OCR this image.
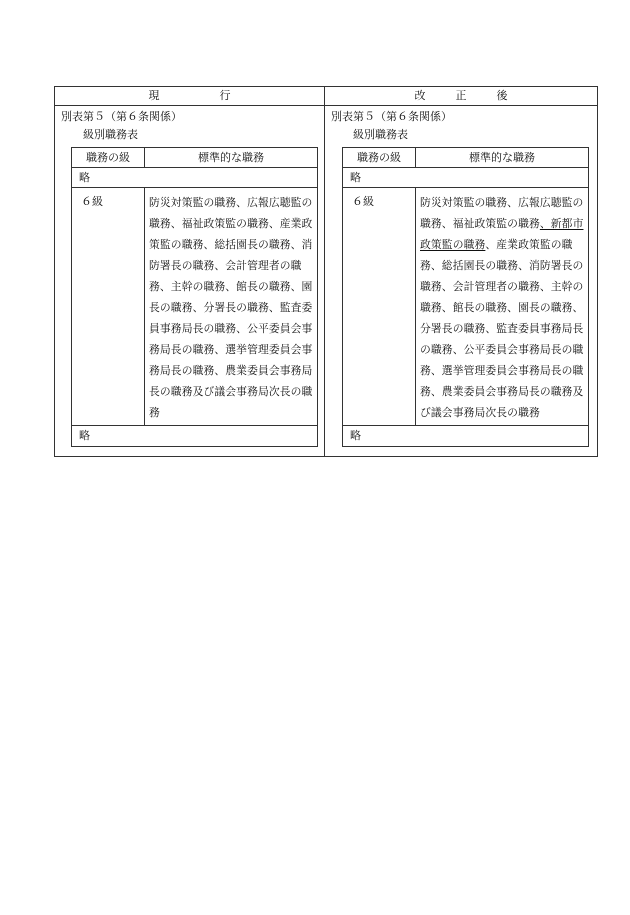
現	行
別表第５（第６条関係）
級別職務表
職務の級	標準的な職務
略
６級	防災対策監の職務、広報広聴監の職務、福祉政策監の職務、産業政策監の職務、総括園長の職務、消防署長の職務、会計管理者の職務、主幹の職務、館長の職務、園長の職務、分署長の職務、監査委員事務局長の職務、公平委員会事務局長の職務、選挙管理委員会事務局長の職務、農業委員会事務局長の職務及び議会事務局次長の職務
略
改	正	後
別表第５（第６条関係）
級別職務表
職務の級	標準的な職務
略
６級	防災対策監の職務、広報広聴監の職務、福祉政策監の職務、新都市政策監の職務、産業政策監の職務、総括園長の職務、消防署長の職務、会計管理者の職務、主幹の職務、館長の職務、園長の職務、分署長の職務、監査委員事務局長の職務、公平委員会事務局長の職務、選挙管理委員会事務局長の職務、農業委員会事務局長の職務及び議会事務局次長の職務
略
